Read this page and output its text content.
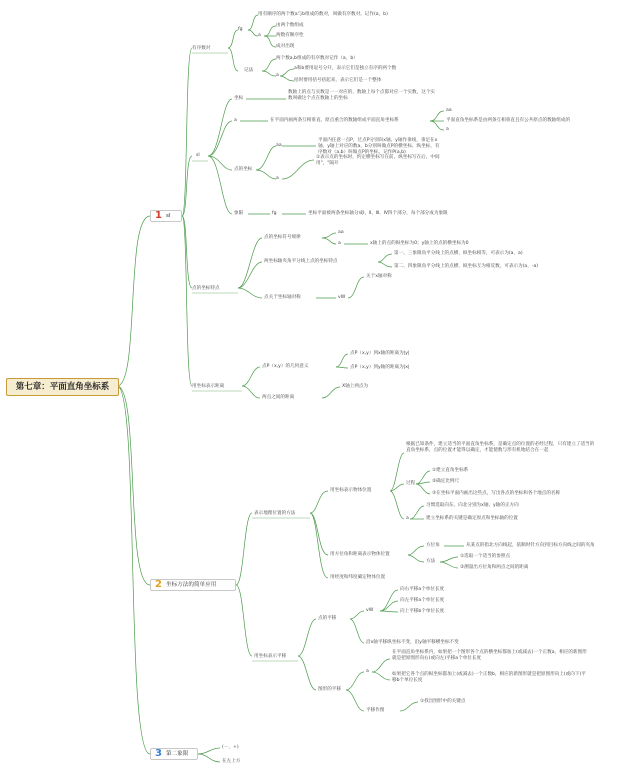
第七章：平面直角坐标系
1 sl
2 坐标方法的简单应用
3 第二象限
有序数对
fg
用有顺序的两个数a与b组成的数对，叫做有序数对，记作(a，b)
a
由两个数组成
两数有顺序性
成对出现
记法
两个数a,b组成的有序数对记作（a，b）
a
a和b要用逗号分开，表示它们是独立有序的两个数
括时要用括号括起来，表示它们是一个整体
sl
坐标
数轴上的点与实数是一一对应的，数轴上每个点都对应一个实数，这个实数叫做这个点在数轴上的坐标
a	在平面内画两条互相垂直、原点重合的数轴组成平面直角坐标系
aa
平面直角坐标系是由两条互相垂直且有公共原点的数轴组成的
a
点的坐标
aa
平面内任意一点P，过点P分别向x轴、y轴作垂线，垂足在x轴、y轴上对应的数a，b分别叫做点P的横坐标、纵坐标，有序数对（a,b）叫做点P的坐标，记作P(a,b)
a
①表示点的坐标时，约定横坐标写在前，纵坐标写在后，中间用"，"隔开
象限	fg	坐标平面被两条坐标轴分成Ⅰ、Ⅱ、Ⅲ、Ⅳ四个部分，每个部分成为象限
点的坐标特点
点的坐标符号规律
aa
a	x轴上的点的纵坐标为0；y轴上的点的横坐标为0
两坐标轴夹角平分线上点的坐标特点
第一、三象限角平分线上的点横、纵坐标相等，可表示为(a，a)
第二、四象限角平分线上的点横、纵坐标互为相反数，可表示为(a，-a)
点关于坐标轴对称	vW
关于x轴对称
用坐标表示距离
点P（x,y）的几何意义
点P（x,y）到x轴的距离为|y|
点P（x,y）到y轴的距离为|x|
两点之间的距离
X轴上两点为
表示地理位置的方法
用坐标表示物体位置
根据已知条件，建立适当的平面直角坐标系，是确定点的位置的必经过程，只有建立了适当的直角坐标系，点的位置才能得以确定，才能使数与形有机地结合在一起
过程
①建立直角坐标系
②确定比例尺
③在坐标平面内画出这些点，写出各点的坐标和各个地点的名称
a
习惯选取向东、向北分别为x轴、y轴的正方向
建立坐标系的关键是确定原点和坐标轴的位置
用方位角和距离表示物体位置
方位角	从某点的指北方向线起，依顺时针方向到目标方向线之间的夹角
方法
①选取一个适当的参照点
②测量出方位角和两点之间的距离
用经度和纬度确定物体位置
用坐标表示平移
点的平移
vW
向右平移a个单位长度
向左平移a个单位长度
向上平移b个单位长度
沿x轴平移纵坐标不变，沿y轴平移横坐标不变
图形的平移
a
在平面直角坐标系内，如果把一个图形各个点的横坐标都加上(或减去)一个正数a，相应的新图形就是把原图形向右(或向左)平移a个单位长度
如果把它各个点的纵坐标都加上(或减去)一个正数b，相应的新图形就是把原图形向上(或向下)平移b个单位长度
平移作图
①找出图形中的关键点
(－，+)
在左上方
